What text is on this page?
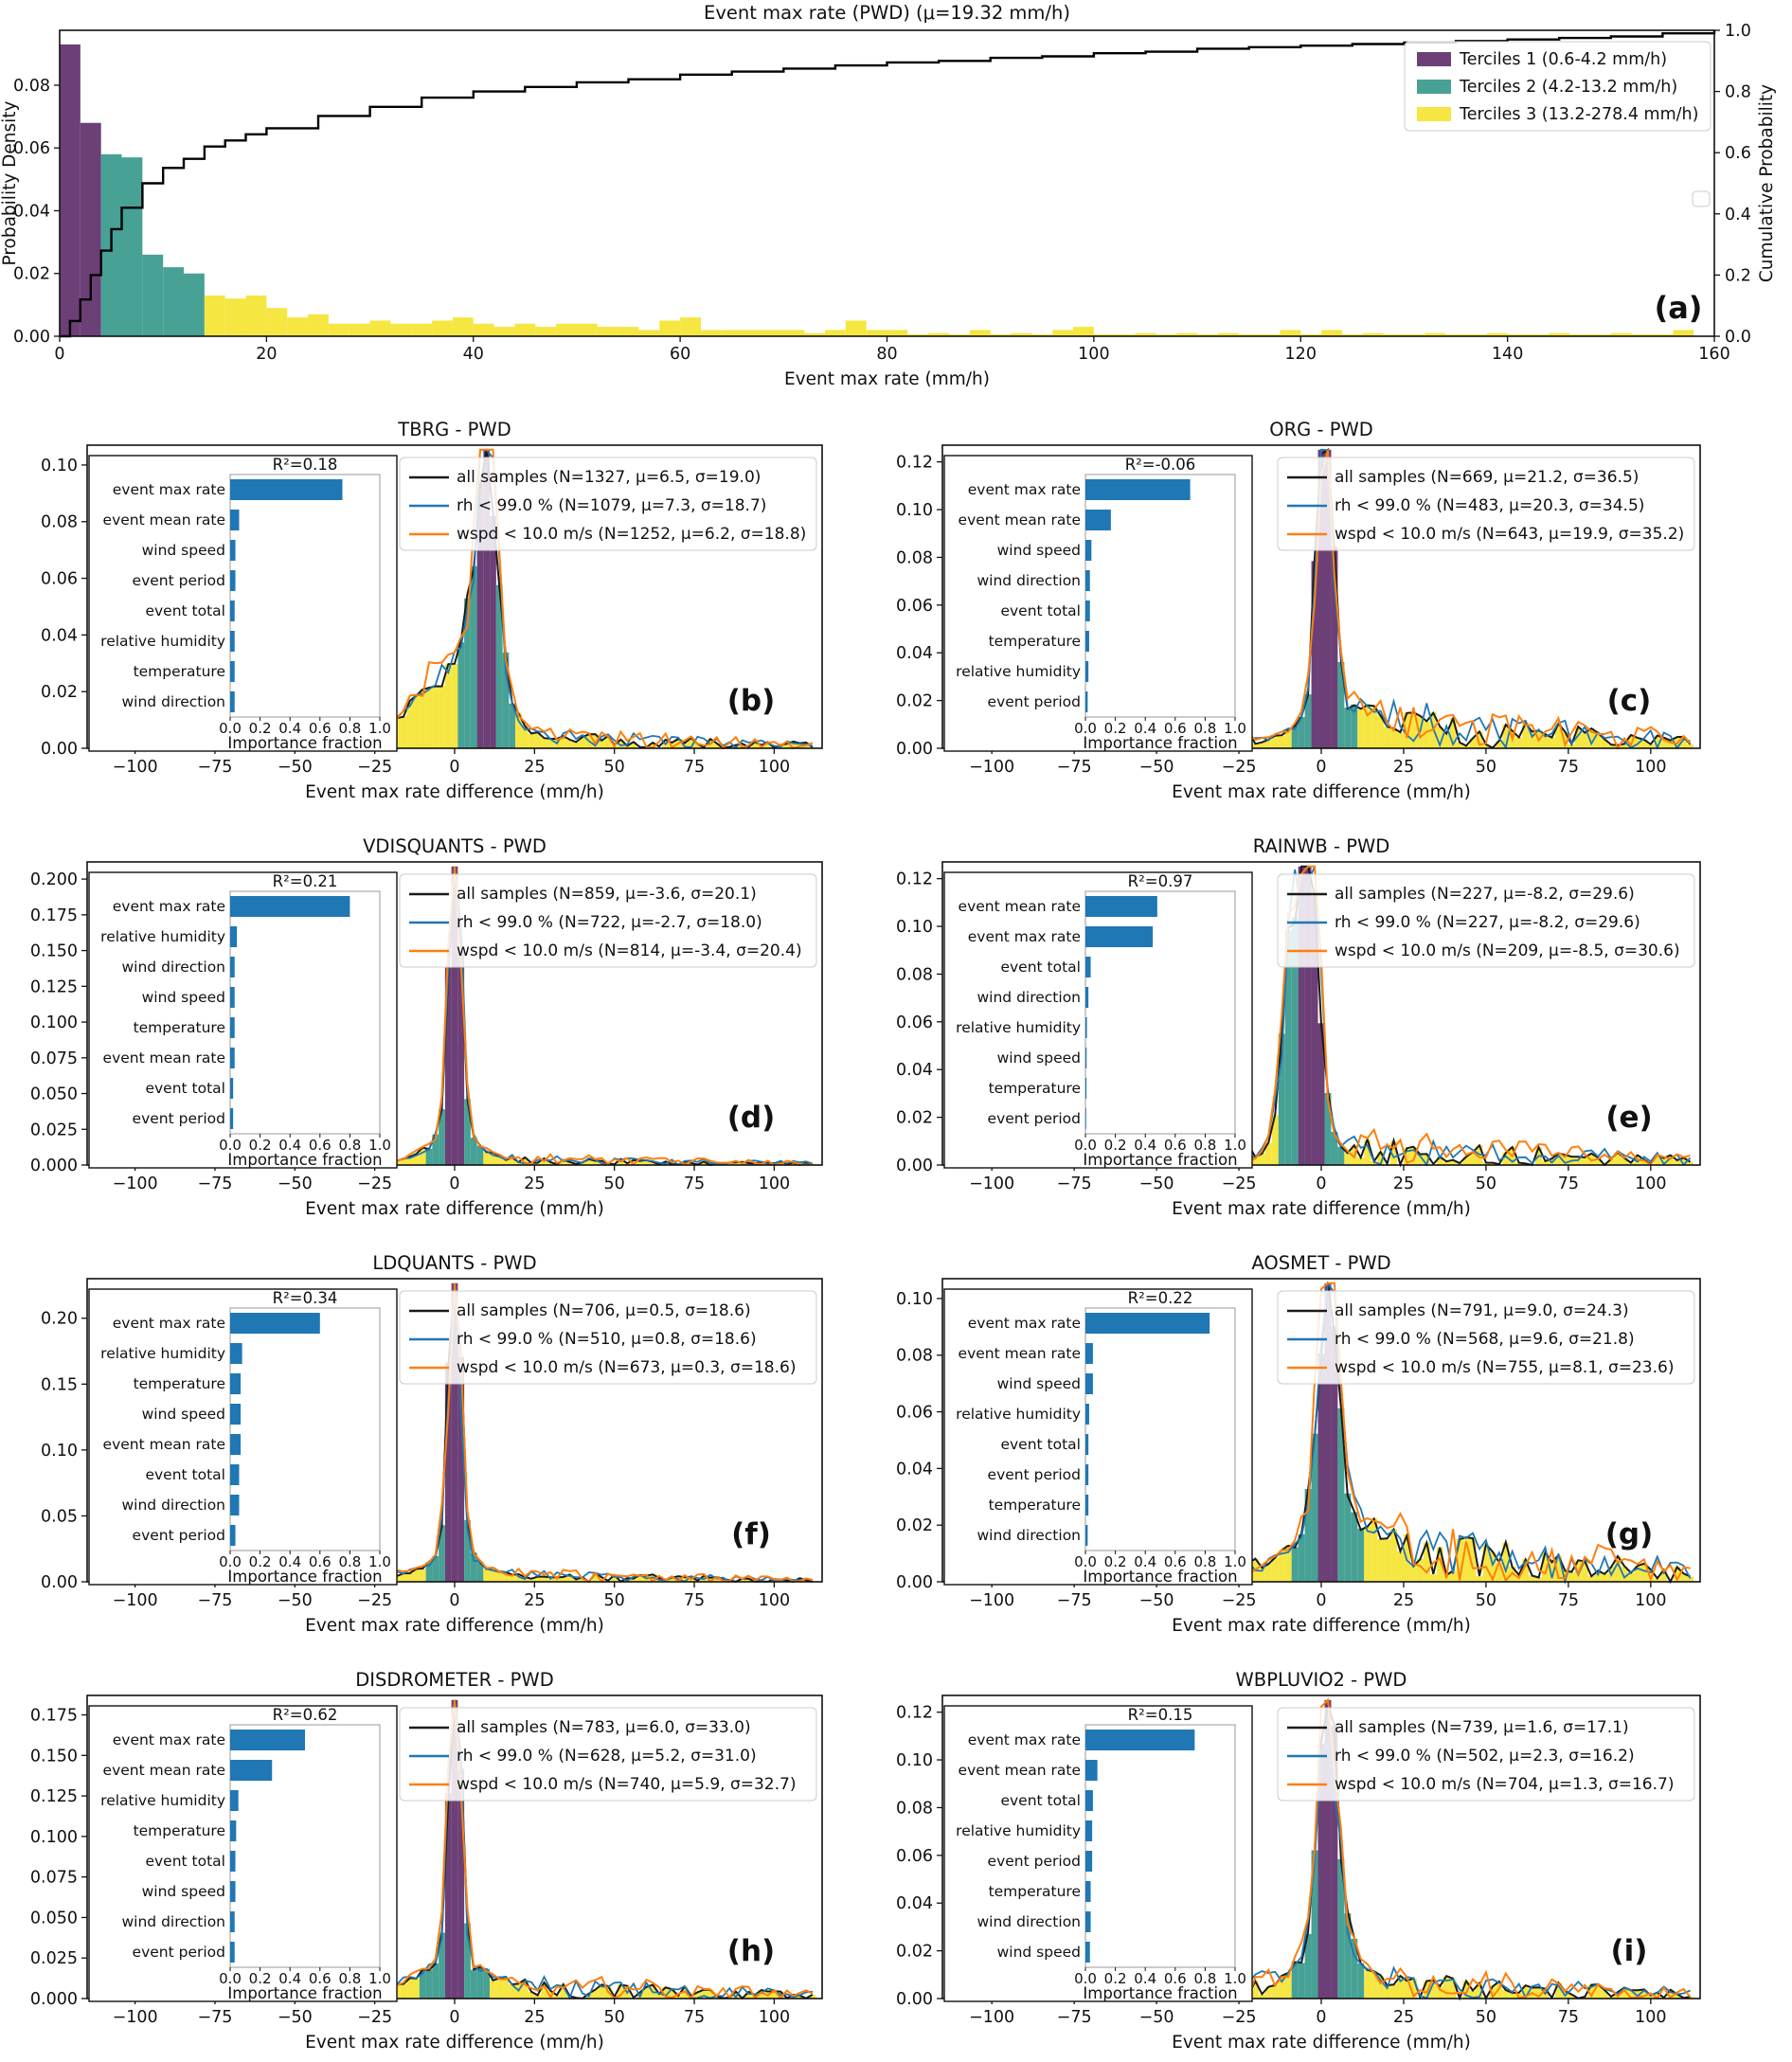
0	20	40	60	80	100	120	140	160
0.00
0.02
0.04
0.06
0.08
0.0
0.2
0.4
0.6
0.8
1.0
Event max rate (PWD) (μ=19.32 mm/h)
Event max rate (mm/h)
Probability Density	Cumulative Probability
Terciles 1 (0.6-4.2 mm/h)
Terciles 2 (4.2-13.2 mm/h)
Terciles 3 (13.2-278.4 mm/h)
(a)
−100 −75	−50	−25	0	25	50	75	100
0.00
0.02
0.04
0.06
0.08
0.10
TBRG - PWD
Event max rate difference (mm/h)
R²=0.18
event max rate
event mean rate
wind speed
event period
event total
relative humidity
temperature
wind direction
0.0 0.2 0.4 0.6 0.8 1.0
Importance fraction
all samples (N=1327, μ=6.5, σ=19.0)
rh < 99.0 % (N=1079, μ=7.3, σ=18.7)
wspd < 10.0 m/s (N=1252, μ=6.2, σ=18.8)
(b)
−100	−75	−50	−25	0	25	50	75	100
0.00
0.02
0.04
0.06
0.08
0.10
0.12
ORG - PWD
Event max rate difference (mm/h)
R²=-0.06
event max rate
event mean rate
wind speed
wind direction
event total
temperature
relative humidity
event period
0.0 0.2 0.4 0.6 0.8 1.0
Importance fraction
all samples (N=669, μ=21.2, σ=36.5)
rh < 99.0 % (N=483, μ=20.3, σ=34.5)
wspd < 10.0 m/s (N=643, μ=19.9, σ=35.2)
(c)
−100 −75	−50	−25	0	25	50	75	100
0.000
0.025
0.050
0.075
0.100
0.125
0.150
0.175
0.200
VDISQUANTS - PWD
Event max rate difference (mm/h)
R²=0.21
event max rate
relative humidity
wind direction
wind speed
temperature
event mean rate
event total
event period
0.0 0.2 0.4 0.6 0.8 1.0
Importance fraction
all samples (N=859, μ=-3.6, σ=20.1)
rh < 99.0 % (N=722, μ=-2.7, σ=18.0)
wspd < 10.0 m/s (N=814, μ=-3.4, σ=20.4)
(d)
−100	−75	−50	−25	0	25	50	75	100
0.00
0.02
0.04
0.06
0.08
0.10
0.12
RAINWB - PWD
Event max rate difference (mm/h)
R²=0.97
event mean rate
event max rate
event total
wind direction
relative humidity
wind speed
temperature
event period
0.0 0.2 0.4 0.6 0.8 1.0
Importance fraction
all samples (N=227, μ=-8.2, σ=29.6)
rh < 99.0 % (N=227, μ=-8.2, σ=29.6)
wspd < 10.0 m/s (N=209, μ=-8.5, σ=30.6)
(e)
−100 −75	−50	−25	0	25	50	75	100
0.00
0.05
0.10
0.15
0.20
LDQUANTS - PWD
Event max rate difference (mm/h)
R²=0.34
event max rate
relative humidity
temperature
wind speed
event mean rate
event total
wind direction
event period
0.0 0.2 0.4 0.6 0.8 1.0
Importance fraction
all samples (N=706, μ=0.5, σ=18.6)
rh < 99.0 % (N=510, μ=0.8, σ=18.6)
wspd < 10.0 m/s (N=673, μ=0.3, σ=18.6)
(f)
−100	−75	−50	−25	0	25	50	75	100
0.00
0.02
0.04
0.06
0.08
0.10
AOSMET - PWD
Event max rate difference (mm/h)
R²=0.22
event max rate
event mean rate
wind speed
relative humidity
event total
event period
temperature
wind direction
0.0 0.2 0.4 0.6 0.8 1.0
Importance fraction
all samples (N=791, μ=9.0, σ=24.3)
rh < 99.0 % (N=568, μ=9.6, σ=21.8)
wspd < 10.0 m/s (N=755, μ=8.1, σ=23.6)
(g)
−100 −75	−50	−25	0	25	50	75	100
0.000
0.025
0.050
0.075
0.100
0.125
0.150
0.175
DISDROMETER - PWD
Event max rate difference (mm/h)
R²=0.62
event max rate
event mean rate
relative humidity
temperature
event total
wind speed
wind direction
event period
0.0 0.2 0.4 0.6 0.8 1.0
Importance fraction
all samples (N=783, μ=6.0, σ=33.0)
rh < 99.0 % (N=628, μ=5.2, σ=31.0)
wspd < 10.0 m/s (N=740, μ=5.9, σ=32.7)
(h)
−100	−75	−50	−25	0	25	50	75	100
0.00
0.02
0.04
0.06
0.08
0.10
0.12
WBPLUVIO2 - PWD
Event max rate difference (mm/h)
R²=0.15
event max rate
event mean rate
event total
relative humidity
event period
temperature
wind direction
wind speed
0.0 0.2 0.4 0.6 0.8 1.0
Importance fraction
all samples (N=739, μ=1.6, σ=17.1)
rh < 99.0 % (N=502, μ=2.3, σ=16.2)
wspd < 10.0 m/s (N=704, μ=1.3, σ=16.7)
(i)
